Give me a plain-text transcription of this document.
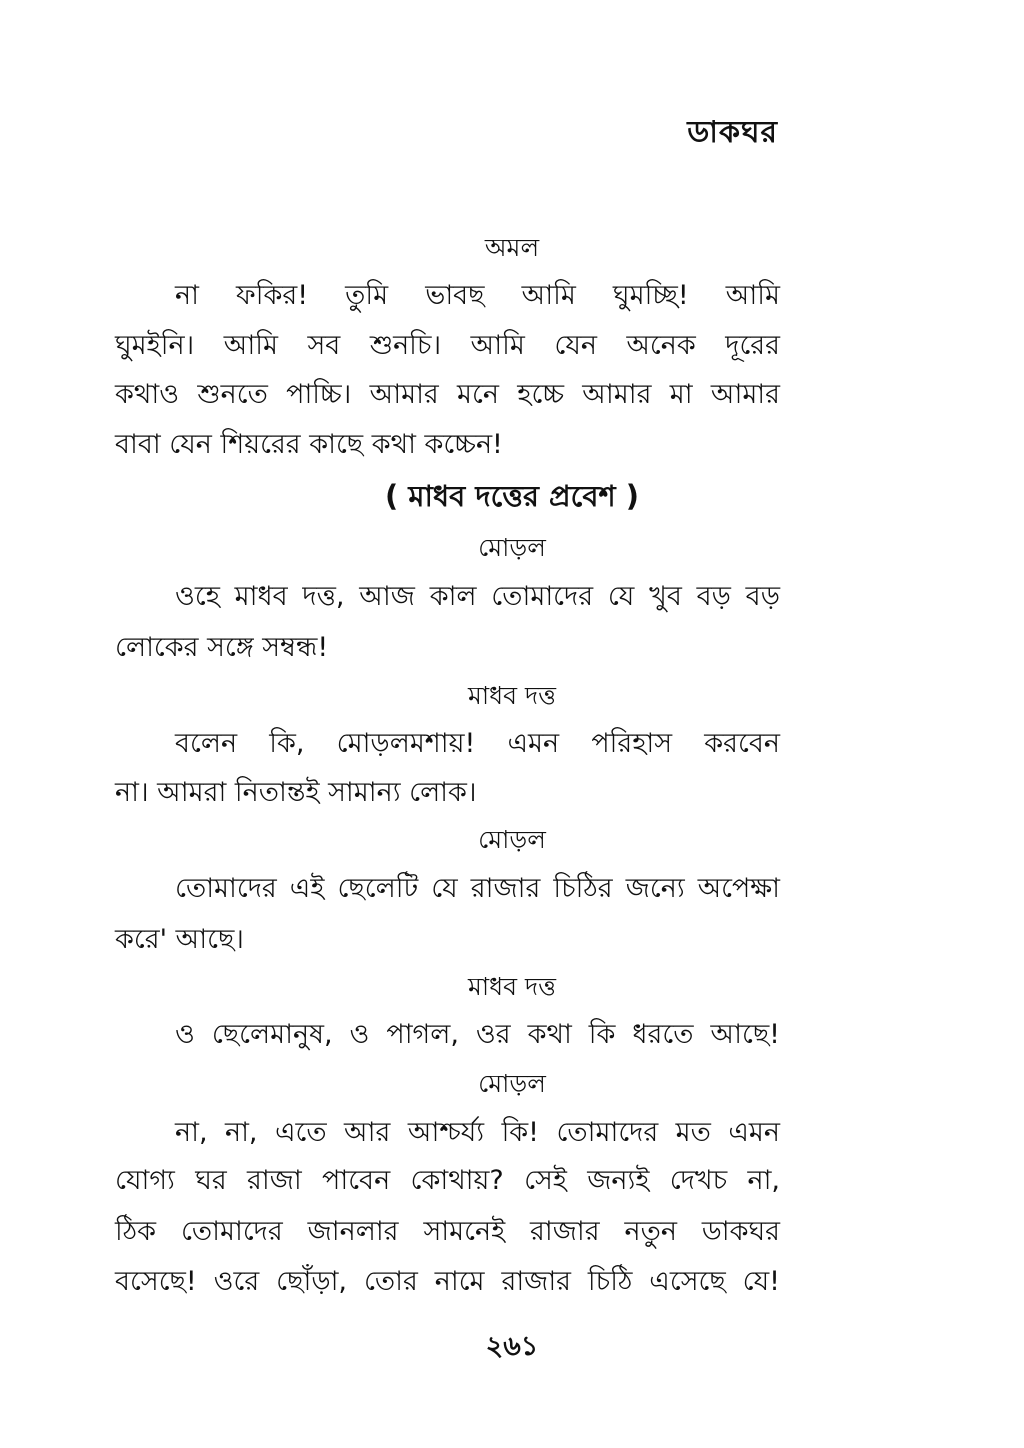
ডাকঘর
অমল
না ফকির! তুমি ভাবছ আমি ঘুমচ্ছি! আমি
ঘুমইনি। আমি সব শুনচি। আমি যেন অনেক দূরের
কথাও শুনতে পাচ্চি। আমার মনে হচ্চে আমার মা আমার
বাবা যেন শিয়রের কাছে কথা কচ্চেন!
( মাধব দত্তের প্রবেশ )
মোড়ল
ওহে মাধব দত্ত, আজ কাল তোমাদের যে খুব বড় বড়
লোকের সঙ্গে সম্বন্ধ!
মাধব দত্ত
বলেন কি, মোড়লমশায়! এমন পরিহাস করবেন
না। আমরা নিতান্তই সামান্য লোক।
মোড়ল
তোমাদের এই ছেলেটি যে রাজার চিঠির জন্যে অপেক্ষা
করে' আছে।
মাধব দত্ত
ও ছেলেমানুষ, ও পাগল, ওর কথা কি ধরতে আছে!
মোড়ল
না, না, এতে আর আশ্চর্য্য কি! তোমাদের মত এমন
যোগ্য ঘর রাজা পাবেন কোথায়? সেই জন্যই দেখচ না,
ঠিক তোমাদের জানলার সামনেই রাজার নতুন ডাকঘর
বসেছে! ওরে ছোঁড়া, তোর নামে রাজার চিঠি এসেছে যে!
২৬১
